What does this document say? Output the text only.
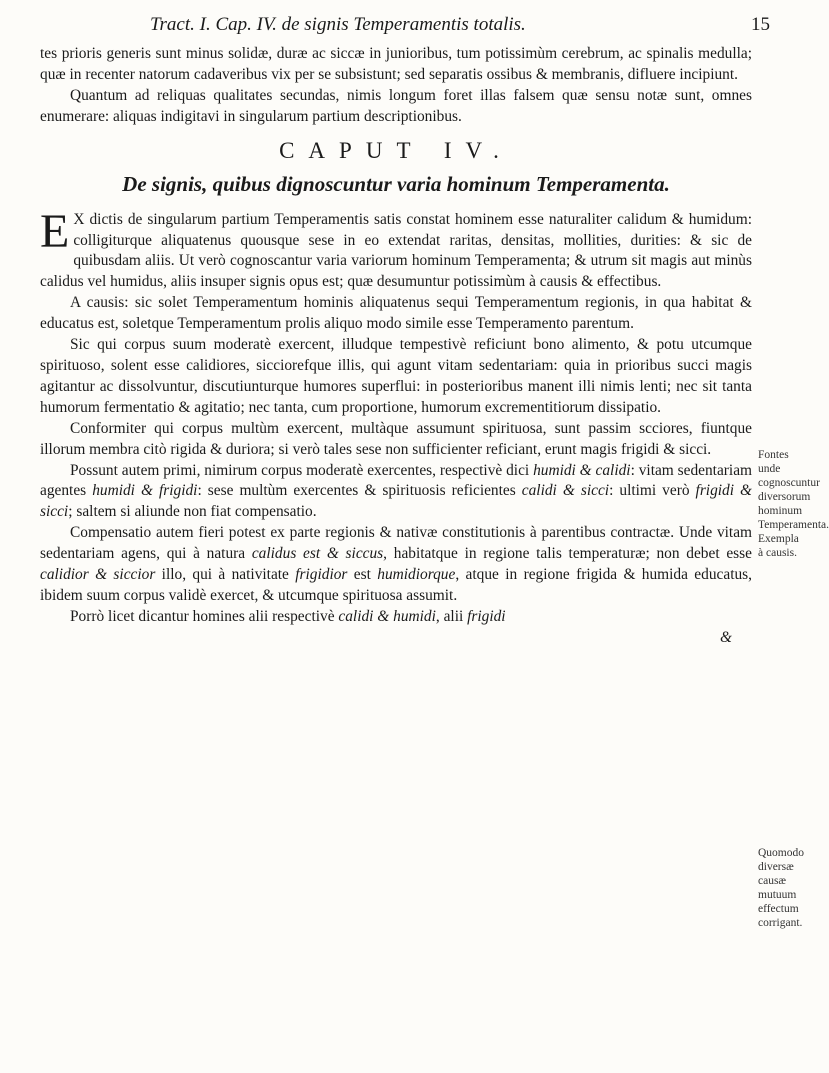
Tract. I. Cap. IV. de signis Temperamentis totalis.	15

tes prioris generis sunt minus solidæ, duræ ac siccæ in junioribus, tum potissimùm cerebrum, ac spinalis medulla; quæ in recenter natorum cadaveribus vix per se subsistunt; sed separatis ossibus & membranis, difluere incipiunt.

Quantum ad reliquas qualitates secundas, nimis longum foret illas falsem quæ sensu notæ sunt, omnes enumerare: aliquas indigitavi in singularum partium descriptionibus.

CAPUT IV.
De signis, quibus dignoscuntur varia hominum Temperamenta.

E X dictis de singularum partium Temperamentis satis constat hominem esse naturaliter calidum & humidum: colligiturque aliquatenus quousque sese in eo extendat raritas, densitas, mollities, durities: & sic de quibusdam aliis. Ut verò cognoscantur varia variorum hominum Temperamenta; & utrum sit magis aut minùs calidus vel humidus, aliis insuper signis opus est; quæ desumuntur potissimùm à causis & effectibus.

A causis: sic solet Temperamentum hominis aliquatenus sequi Temperamentum regionis, in qua habitat & educatus est, soletque Temperamentum prolis aliquo modo simile esse Temperamento parentum.

Sic qui corpus suum moderatè exercent, illudque tempestivè reficiunt bono alimento, & potu utcumque spirituoso, solent esse calidiores, sicciorefque illis, qui agunt vitam sedentariam: quia in prioribus succi magis agitantur ac dissolvuntur, discutiunturque humores superflui: in posterioribus manent illi nimis lenti; nec sit tanta humorum fermentatio & agitatio; nec tanta, cum proportione, humorum excrementitiorum dissipatio.

Conformiter qui corpus multùm exercent, multàque assumunt spirituosa, sunt passim scciores, fiuntque illorum membra citò rigida & duriora; si verò tales sese non sufficienter reficiant, erunt magis frigidi & sicci.

Possunt autem primi, nimirum corpus moderatè exercentes, respectivè dici humidi & calidi: vitam sedentariam agentes humidi & frigidi: sese multùm exercentes & spirituosis reficientes calidi & sicci: ultimi verò frigidi & sicci; saltem si aliunde non fiat compensatio.

Compensatio autem fieri potest ex parte regionis & nativæ constitutionis à parentibus contractæ. Unde vitam sedentariam agens, qui à natura calidus est & siccus, habitatque in regione talis temperaturæ; non debet esse calidior & siccior illo, qui à nativitate frigidior est humidiorque, atque in regione frigida & humida educatus, ibidem suum corpus validè exercet, & utcumque spirituosa assumit.

Porrò licet dicantur homines alii respectivè calidi & humidi, alii frigidi

&

Fontes unde cognoscuntur diversorum hominum Temperamenta. Exempla à causis.
Quomodo diversæ causæ mutuum effectum corrigant.
